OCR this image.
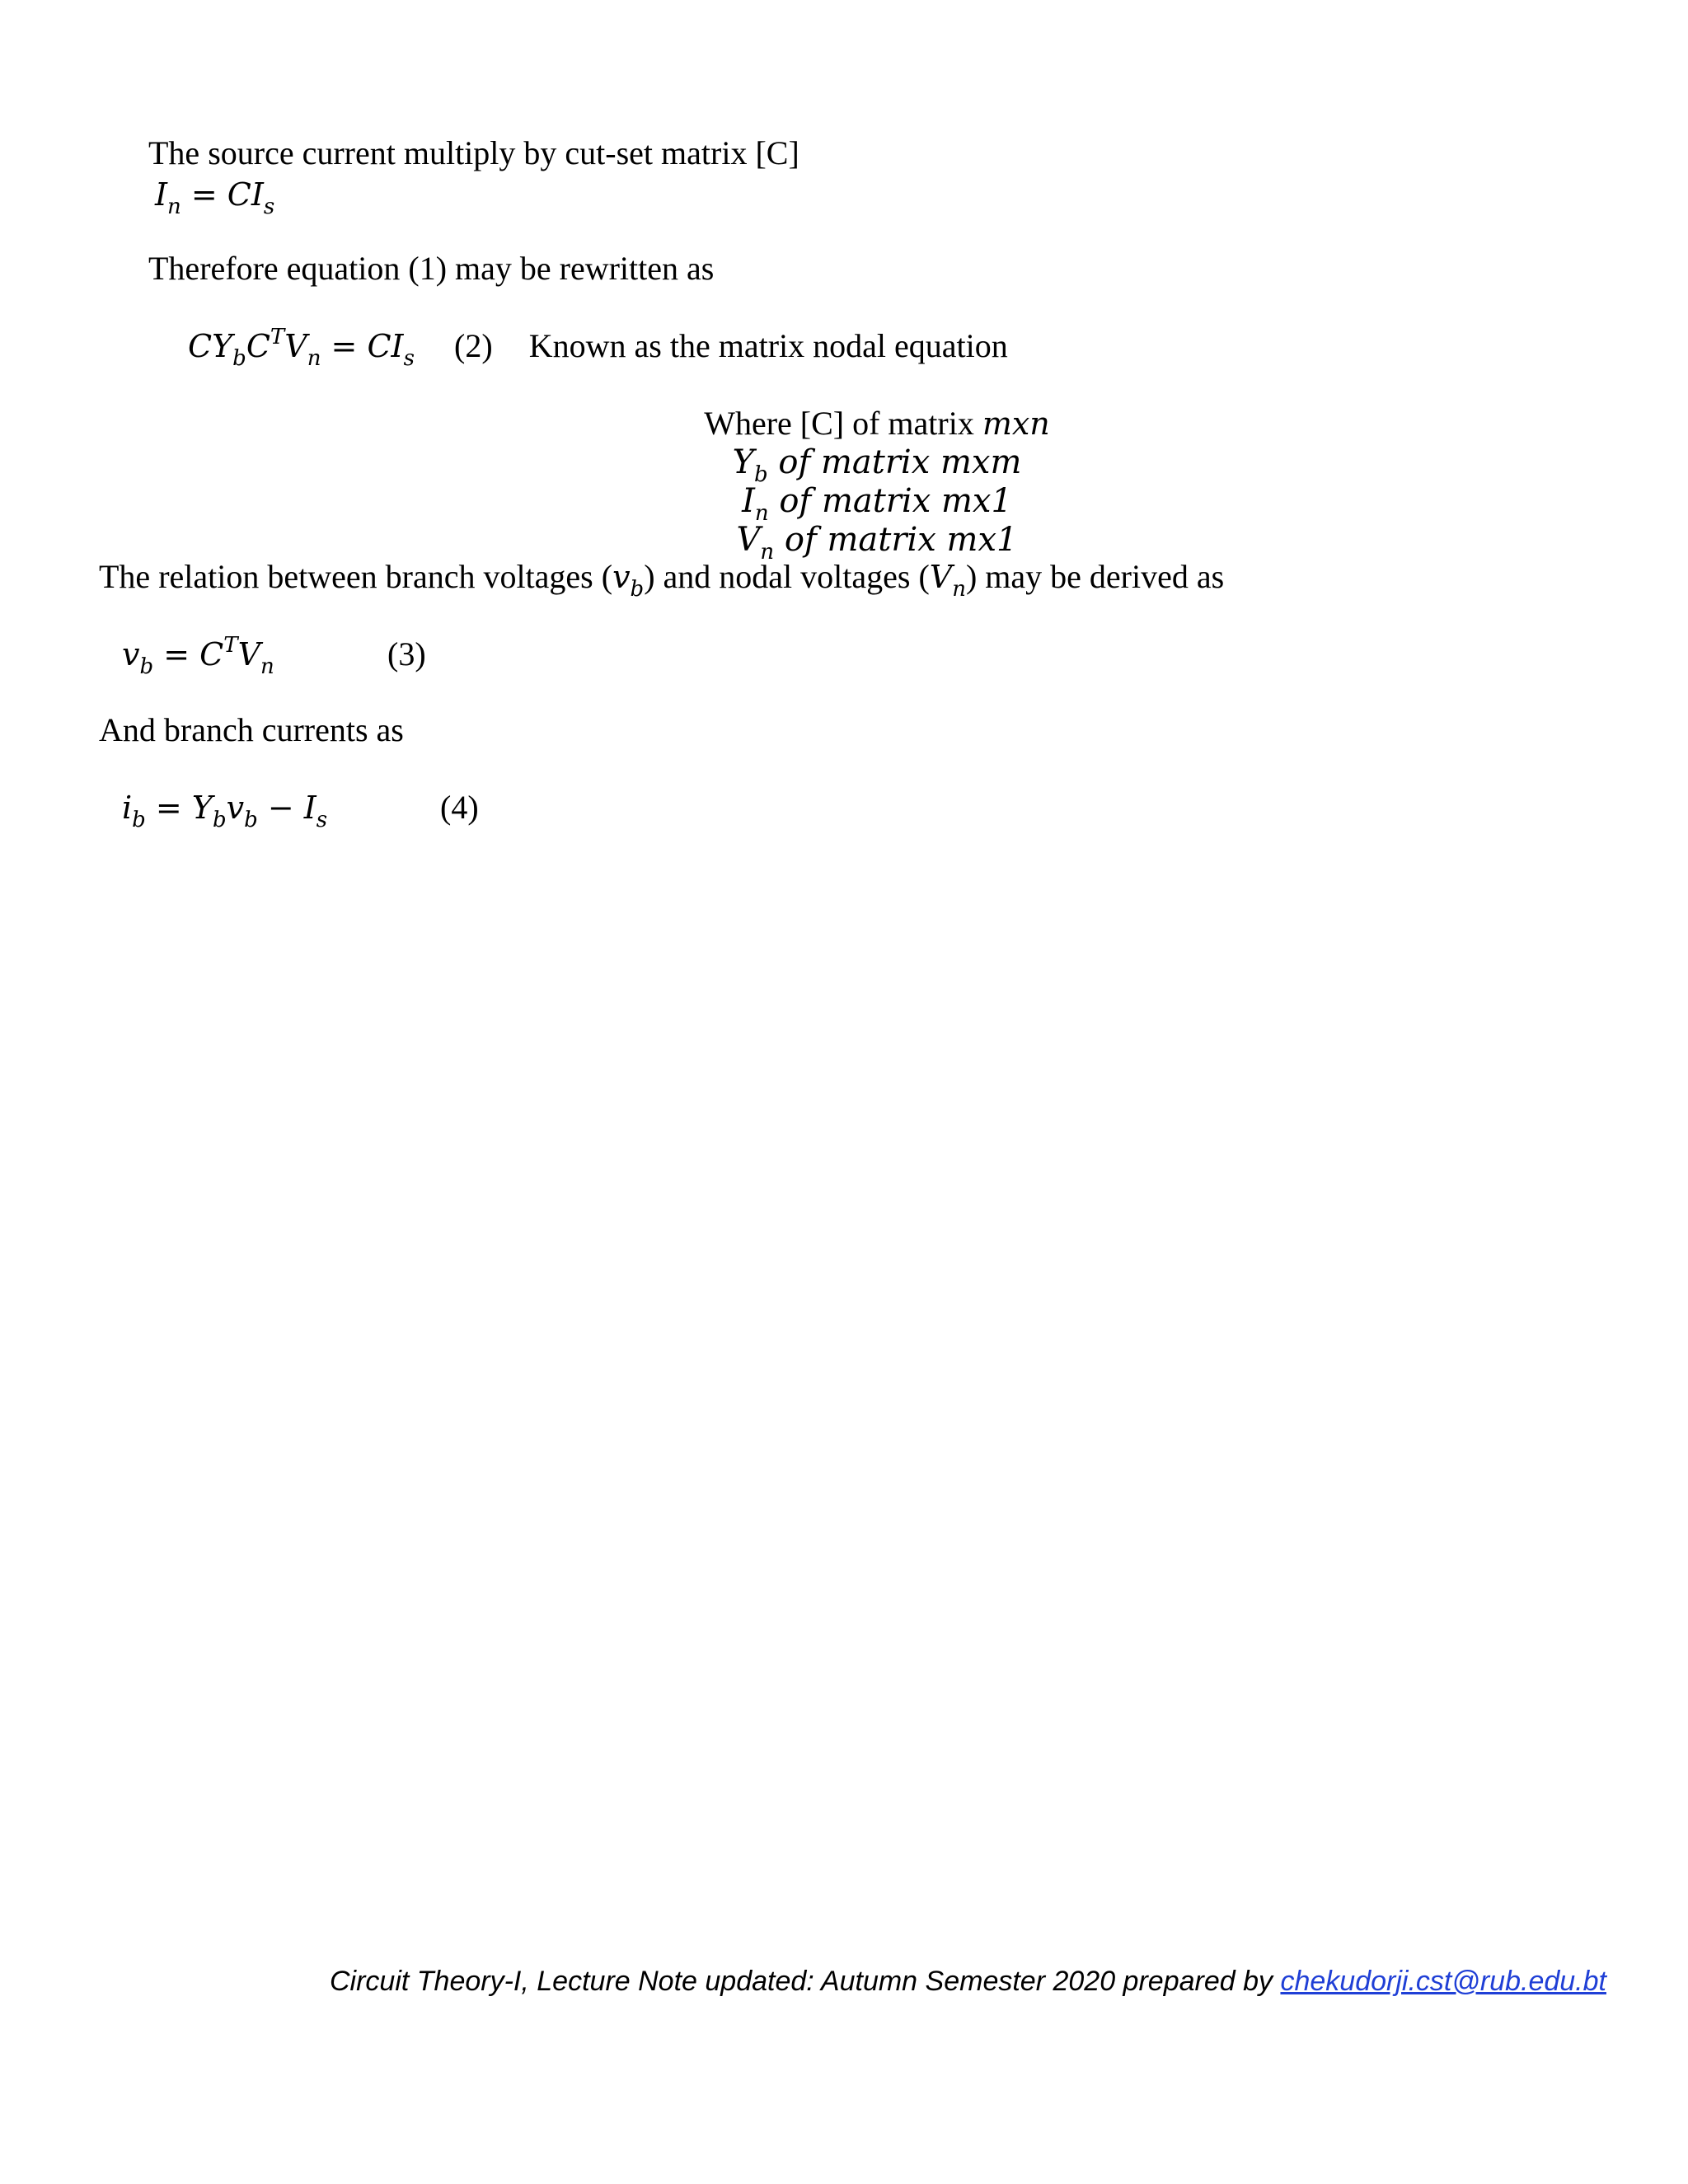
The source current multiply by cut-set matrix [C]
$I_n = CI_s$
Therefore equation (1) may be rewritten as
$CY_bC^TV_n = CI_s$ (2) Known as the matrix nodal equation
Where [C] of matrix mxn
$Y_b$ of matrix mxm
$I_n$ of matrix mx1
$V_n$ of matrix mx1
The relation between branch voltages $(v_b)$ and nodal voltages $(V_n)$ may be derived as
$v_b = C^TV_n$	(3)
And branch currents as
$i_b = Y_bv_b - I_s$	(4)
Circuit Theory-I, Lecture Note updated: Autumn Semester 2020 prepared by chekudorji.cst@rub.edu.bt
